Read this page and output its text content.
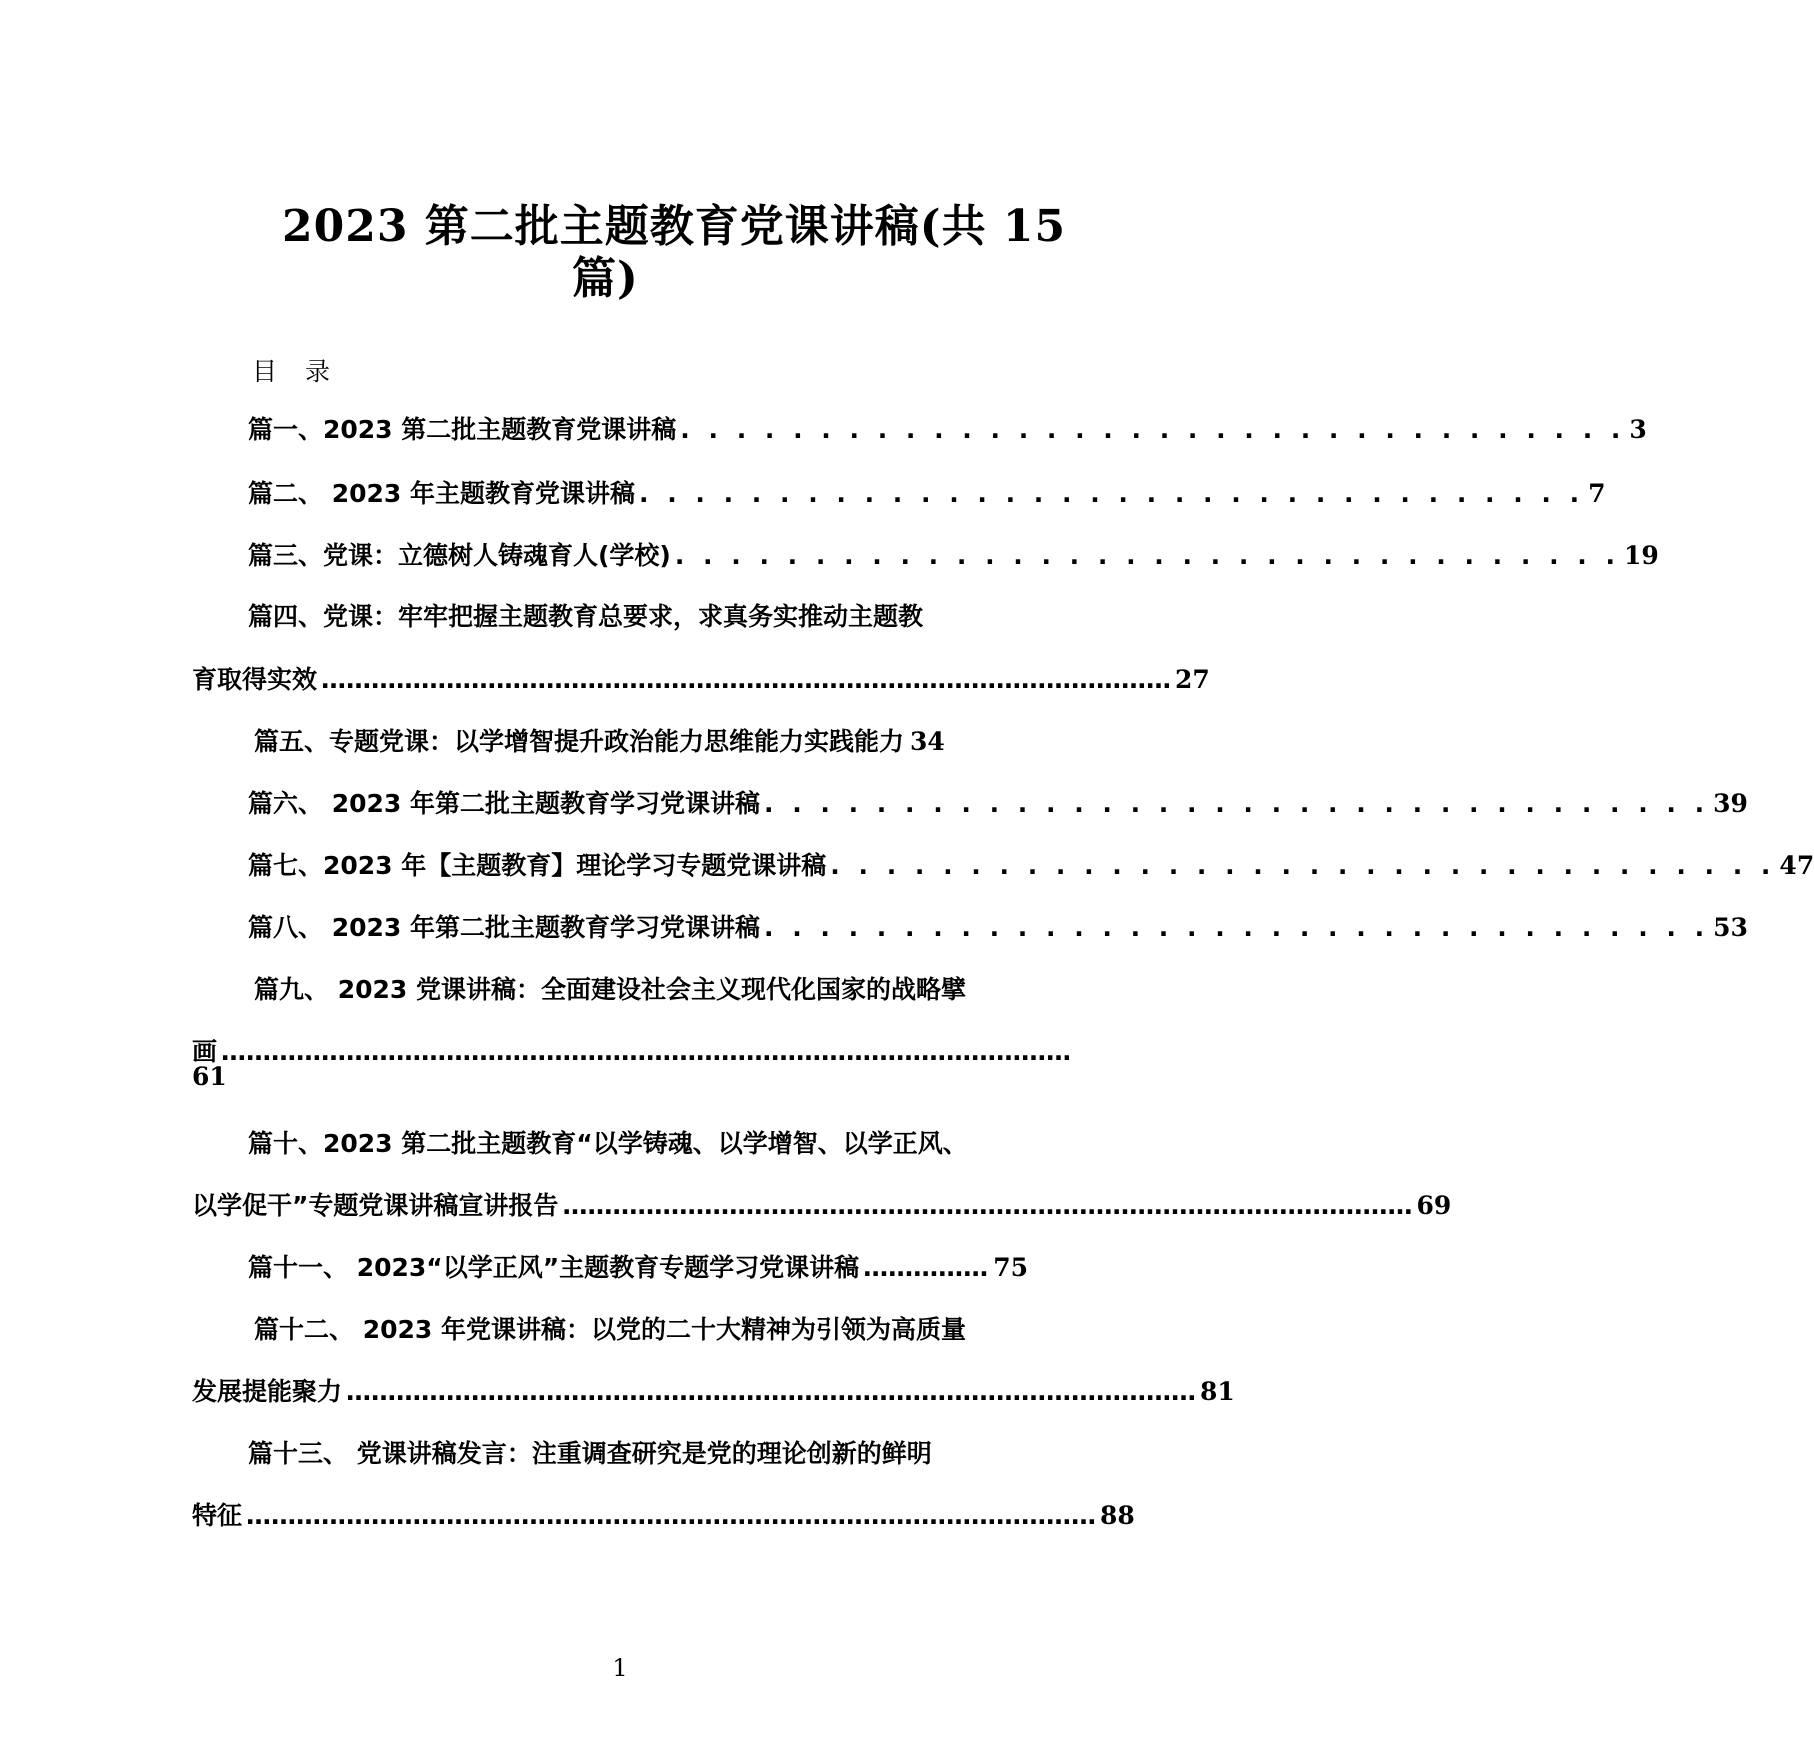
2023 第二批主题教育党课讲稿(共 15
篇)
目录
篇一、2023 第二批主题教育党课讲稿 . . . . . . . . . . . . . . . . . . . . . . . . . . . . . . . . . . 3
篇二、 2023 年主题教育党课讲稿 . . . . . . . . . . . . . . . . . . . . . . . . . . . . . . . . . . 7
篇三、党课：立德树人铸魂育人(学校) . . . . . . . . . . . . . . . . . . . . . . . . . . . . . . . . . . 19
篇四、党课：牢牢把握主题教育总要求，求真务实推动主题教
育取得实效 ………………………………………………………………………………………… 27
篇五、专题党课：以学增智提升政治能力思维能力实践能力 34
篇六、 2023 年第二批主题教育学习党课讲稿 . . . . . . . . . . . . . . . . . . . . . . . . . . . . . . . . . . 39
篇七、2023 年【主题教育】理论学习专题党课讲稿 . . . . . . . . . . . . . . . . . . . . . . . . . . . . . . . . . . 47
篇八、 2023 年第二批主题教育学习党课讲稿 . . . . . . . . . . . . . . . . . . . . . . . . . . . . . . . . . . 53
篇九、 2023 党课讲稿：全面建设社会主义现代化国家的战略擘
画 …………………………………………………………………………………………
61
篇十、2023 第二批主题教育“以学铸魂、以学增智、以学正风、
以学促干”专题党课讲稿宣讲报告 ………………………………………………………………………………………… 69
篇十一、 2023“以学正风”主题教育专题学习党课讲稿 …………… 75
篇十二、 2023 年党课讲稿：以党的二十大精神为引领为高质量
发展提能聚力 ………………………………………………………………………………………… 81
篇十三、 党课讲稿发言：注重调查研究是党的理论创新的鲜明
特征 ………………………………………………………………………………………… 88
1
